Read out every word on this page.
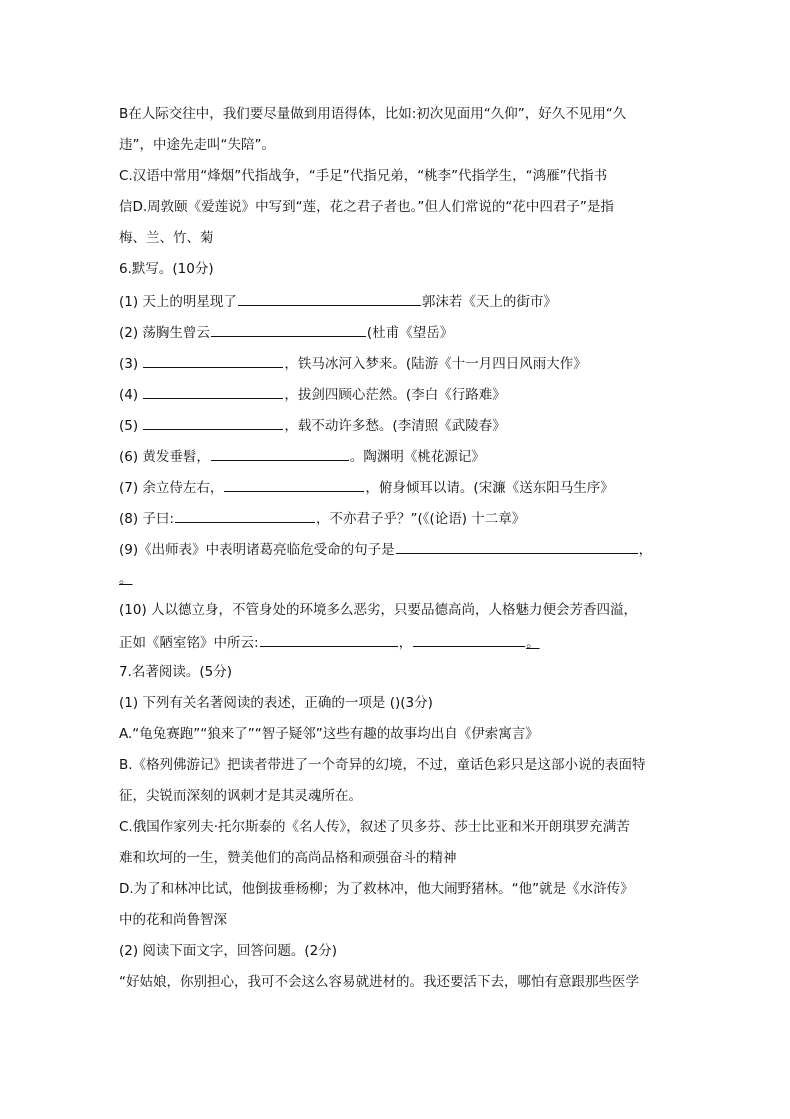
B在人际交往中，我们要尽量做到用语得体，比如:初次见面用“久仰”，好久不见用“久
违”，中途先走叫“失陪”。
C.汉语中常用“烽烟”代指战争，“手足”代指兄弟，“桃李”代指学生，“鸿雁”代指书
信D.周敦颐《爱莲说》中写到“莲，花之君子者也。”但人们常说的“花中四君子”是指
梅、兰、竹、菊
6.默写。(10分)
(1) 天上的明星现了	郭沫若《天上的街市》
(2) 荡胸生曾云	(杜甫《望岳》
(3)	，铁马冰河入梦来。(陆游《十一月四日风雨大作》
(4)	，拔剑四顾心茫然。(李白《行路难》
(5)	，载不动许多愁。(李清照《武陵春》
(6) 黄发垂髫，	。陶渊明《桃花源记》
(7) 余立侍左右，	，俯身倾耳以请。(宋濂《送东阳马生序》
(8) 子曰:	，不亦君子乎？”(《(论语) 十二章》
(9)《出师表》中表明诸葛亮临危受命的句子是	，
。
(10) 人以德立身，不管身处的环境多么恶劣，只要品德高尚，人格魅力便会芳香四溢，
正如《陋室铭》中所云:	，	。
7.名著阅读。(5分)
(1) 下列有关名著阅读的表述，正确的一项是 ()(3分)
A.“龟兔赛跑”“狼来了”“智子疑邻”这些有趣的故事均出自《伊索寓言》
B.《格列佛游记》把读者带进了一个奇异的幻境，不过，童话色彩只是这部小说的表面特
征，尖锐而深刻的讽刺才是其灵魂所在。
C.俄国作家列夫·托尔斯泰的《名人传》，叙述了贝多芬、莎士比亚和米开朗琪罗充满苦
难和坎坷的一生，赞美他们的高尚品格和顽强奋斗的精神
D.为了和林冲比试，他倒拔垂杨柳；为了救林冲，他大闹野猪林。“他”就是《水浒传》
中的花和尚鲁智深
(2) 阅读下面文字，回答问题。(2分)
“好姑娘，你别担心，我可不会这么容易就进材的。我还要活下去，哪怕有意跟那些医学
